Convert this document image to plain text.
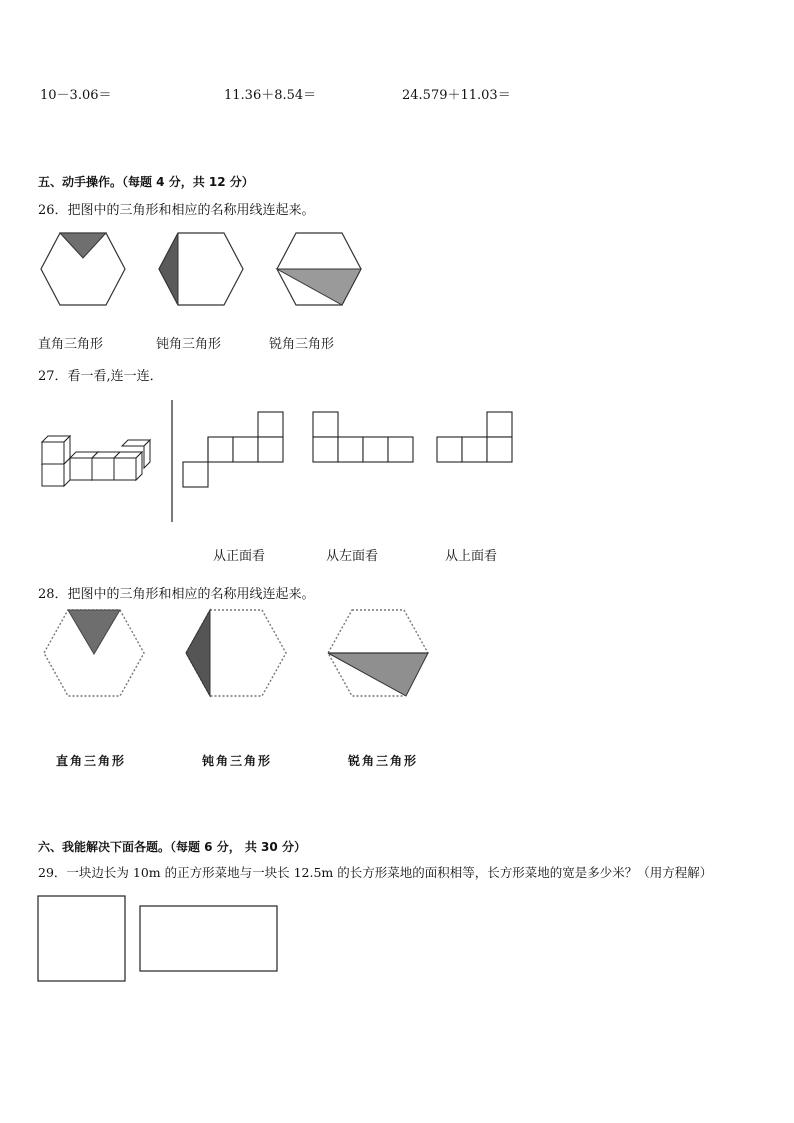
10－3.06＝	11.36＋8.54＝	24.579＋11.03＝
五、动手操作。（每题 4 分，共 12 分）
26．把图中的三角形和相应的名称用线连起来。
直角三角形	钝角三角形	锐角三角形
27．看一看,连一连．
从正面看	从左面看	从上面看
28．把图中的三角形和相应的名称用线连起来。
直角三角形	钝角三角形	锐角三角形
六、我能解决下面各题。（每题 6 分， 共 30 分）
29．一块边长为 10m 的正方形菜地与一块长 12.5m 的长方形菜地的面积相等，长方形菜地的宽是多少米？（用方程解）
